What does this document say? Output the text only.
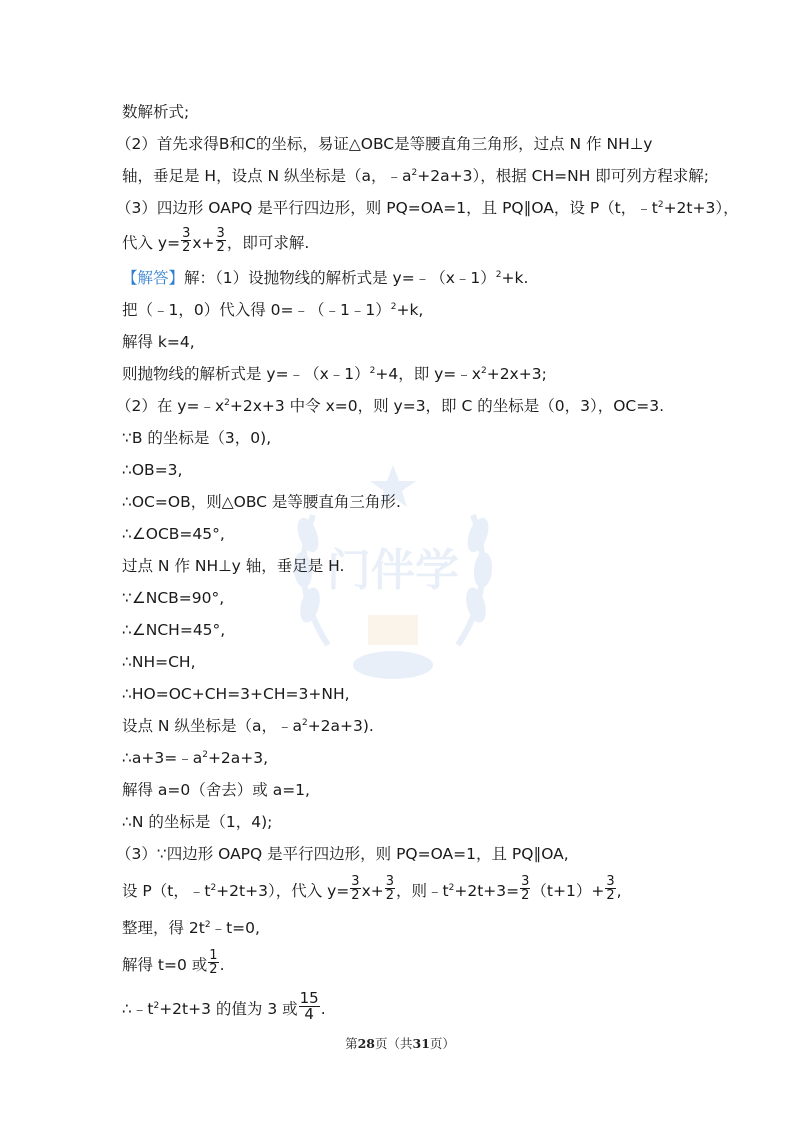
门伴学
数解析式;
（2）首先求得B和C的坐标，易证△OBC是等腰直角三角形，过点 N 作 NH⊥y
轴，垂足是 H，设点 N 纵坐标是（a，$﹣a^2+2a+3$），根据 CH=NH 即可列方程求解;
（3）四边形 OAPQ 是平行四边形，则 PQ=OA=1，且 PQ∥OA，设 P（t，$﹣t^2+2t+3$），
代入 $y= \frac{3}{2} x+ \frac{3}{2}$ ，即可求解.
【解答】解：（1）设抛物线的解析式是 y=﹣（x﹣1）$^2$+k.
把（﹣1，0）代入得 0=﹣（﹣1﹣1）$^2$+k,
解得 k=4,
则抛物线的解析式是 y=﹣（x﹣1）$^2$+4，即 $y=﹣x^2+2x+3$;
（2）在 $y=﹣x^2+2x+3$ 中令 x=0，则 y=3，即 C 的坐标是（0，3），OC=3.
∵B 的坐标是（3，0),
∴OB=3,
∴OC=OB，则△OBC 是等腰直角三角形.
∴∠OCB=45°,
过点 N 作 NH⊥y 轴，垂足是 H.
∵∠NCB=90°,
∴∠NCH=45°,
∴NH=CH,
∴HO=OC+CH=3+CH=3+NH,
设点 N 纵坐标是（a，$﹣a^2+2a+3$).
$\therefore a+3=﹣a^2+2a+3$,
解得 a=0（舍去）或 a=1,
∴N 的坐标是（1，4);
（3）∵四边形 OAPQ 是平行四边形，则 PQ=OA=1，且 PQ∥OA,
设 P（t，$﹣t^2+2t+3$），代入 $y= \frac{3}{2} x+ \frac{3}{2}$ ，则$﹣t^2+2t+3= \frac{3}{2} (t+1)+ \frac{3}{2}$ ,
整理，得 $2t^2﹣t=0$,
解得 t=0 或 $\frac{1}{2}$ .
$\therefore﹣t^2+2t+3$ 的值为 3 或 $\frac{15}{4}$ .
第28页（共31页）
